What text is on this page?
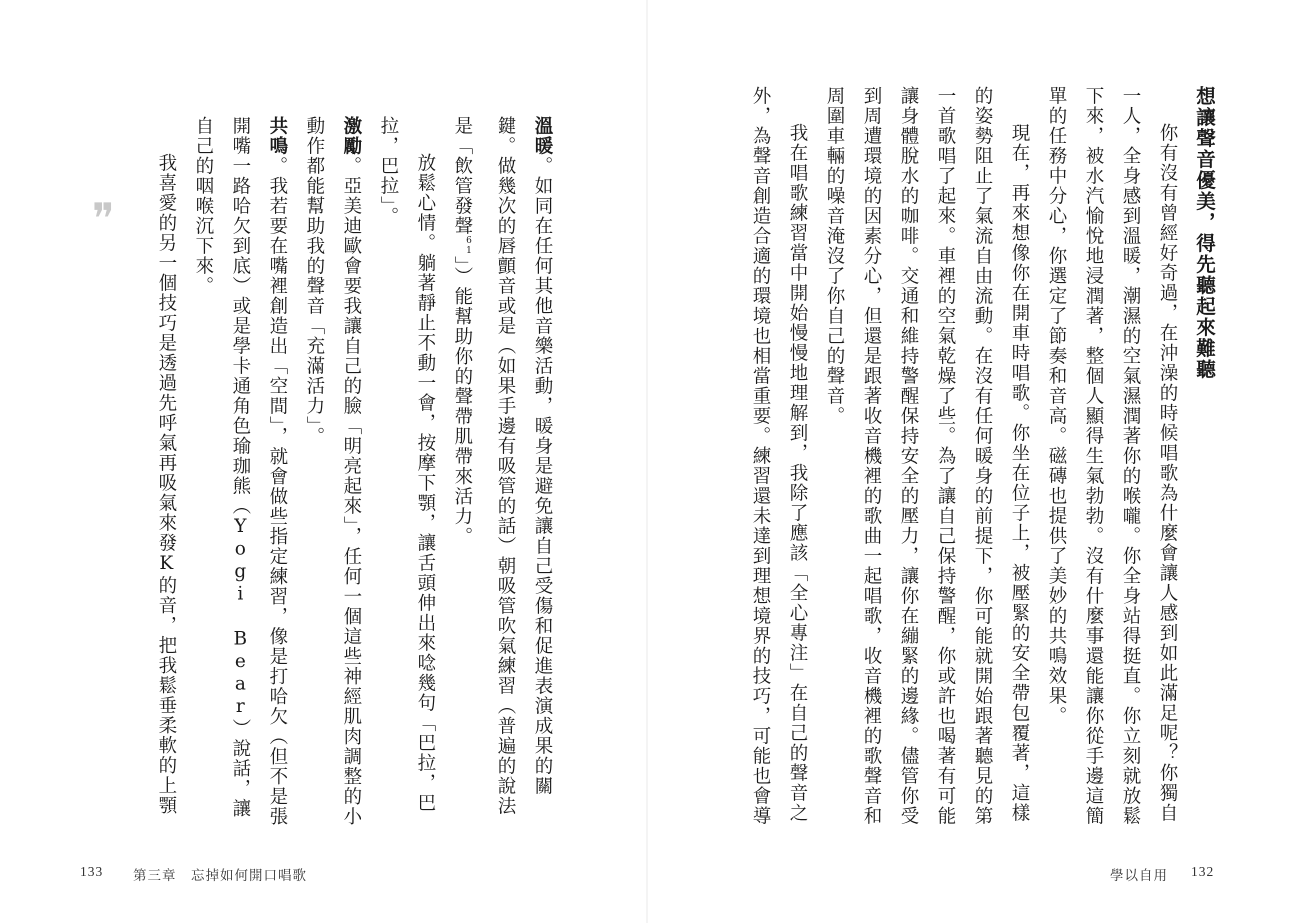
溫暖。如同在任何其他音樂活動，暖身是避免讓自己受傷和促進表演成果的關鍵。做幾次的唇顫音或是（如果手邊有吸管的話）朝吸管吹氣練習（普遍的說法是「飲管發聲$^{61}$」）能幫助你的聲帶肌帶來活力。
放鬆心情。躺著靜止不動一會，按摩下顎，讓舌頭伸出來唸幾句「巴拉，巴拉，巴拉」。
激勵。亞美迪歐會要我讓自己的臉「明亮起來」，任何一個這些神經肌肉調整的小動作都能幫助我的聲音「充滿活力」。
共鳴。我若要在嘴裡創造出「空間」，就會做些指定練習，像是打哈欠（但不是張開嘴一路哈欠到底）或是學卡通角色瑜珈熊（Yogi Bear）說話，讓自己的咽喉沉下來。
我喜愛的另一個技巧是透過先呼氣再吸氣來發K的音，把我鬆垂柔軟的上顎
❞
133 第三章　忘掉如何開口唱歌
想讓聲音優美，得先聽起來難聽
你有沒有曾經好奇過，在沖澡的時候唱歌為什麼會讓人感到如此滿足呢？你獨自一人，全身感到溫暖，潮濕的空氣濕潤著你的喉嚨。你全身站得挺直。你立刻就放鬆下來，被水汽愉悅地浸潤著，整個人顯得生氣勃勃。沒有什麼事還能讓你從手邊這簡單的任務中分心，你選定了節奏和音高。磁磚也提供了美妙的共鳴效果。
現在，再來想像你在開車時唱歌。你坐在位子上，被壓緊的安全帶包覆著，這樣的姿勢阻止了氣流自由流動。在沒有任何暖身的前提下，你可能就開始跟著聽見的第一首歌唱了起來。車裡的空氣乾燥了些。為了讓自己保持警醒，你或許也喝著有可能讓身體脫水的咖啡。交通和維持警醒保持安全的壓力，讓你在繃緊的邊緣。儘管你受到周遭環境的因素分心，但還是跟著收音機裡的歌曲一起唱歌，收音機裡的歌聲音和周圍車輛的噪音淹沒了你自己的聲音。
我在唱歌練習當中開始慢慢地理解到，我除了應該「全心專注」在自己的聲音之外，為聲音創造合適的環境也相當重要。練習還未達到理想境界的技巧，可能也會導
學以自用 132
